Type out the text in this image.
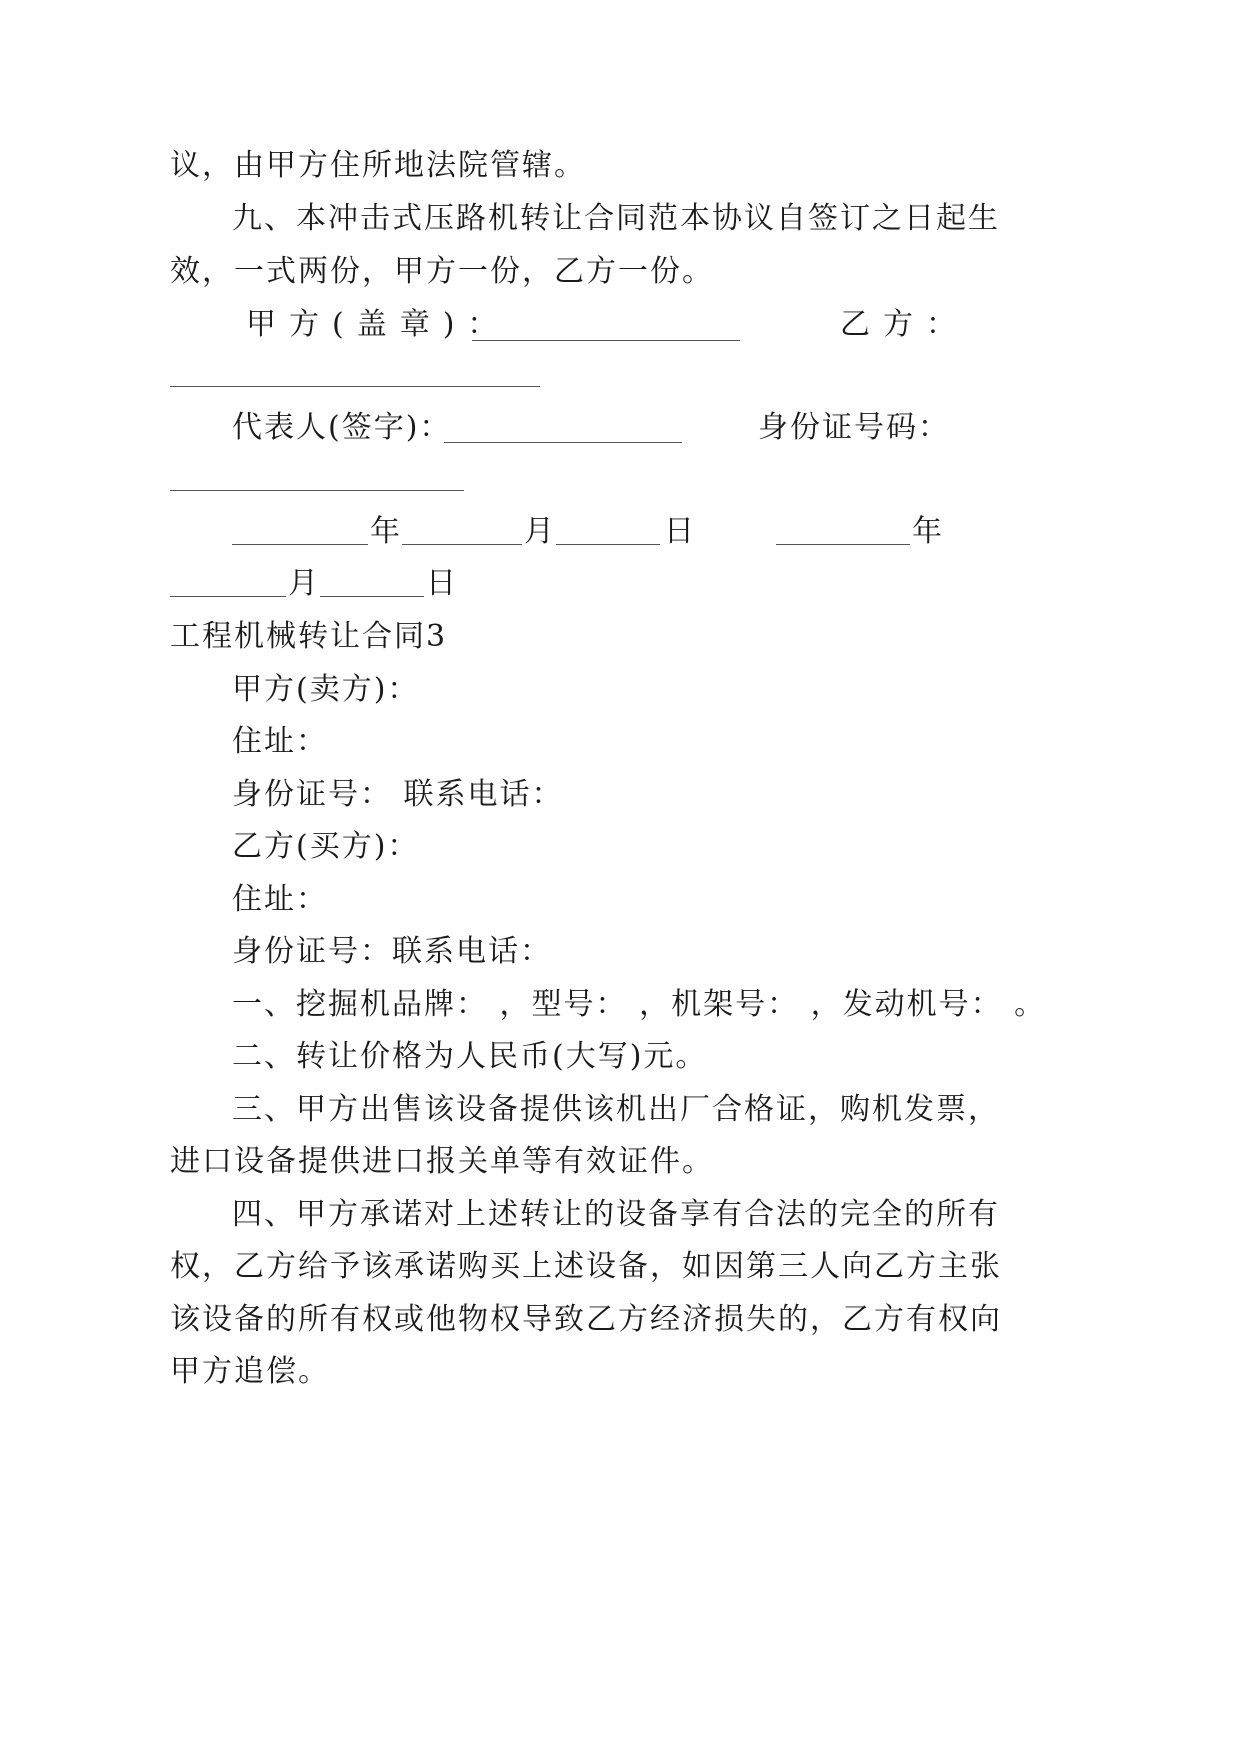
议，由甲方住所地法院管辖。
九、本冲击式压路机转让合同范本协议自签订之日起生
效，一式两份，甲方一份，乙方一份。
甲方(盖章)：	乙方：
代表人(签字)：	身份证号码：
年	月	日	年
月	日
工程机械转让合同3
甲方(卖方)：
住址：
身份证号： 联系电话：
乙方(买方)：
住址：
身份证号：联系电话：
一、挖掘机品牌： ，型号： ，机架号： ，发动机号： 。
二、转让价格为人民币(大写)元。
三、甲方出售该设备提供该机出厂合格证，购机发票，
进口设备提供进口报关单等有效证件。
四、甲方承诺对上述转让的设备享有合法的完全的所有
权，乙方给予该承诺购买上述设备，如因第三人向乙方主张
该设备的所有权或他物权导致乙方经济损失的，乙方有权向
甲方追偿。
